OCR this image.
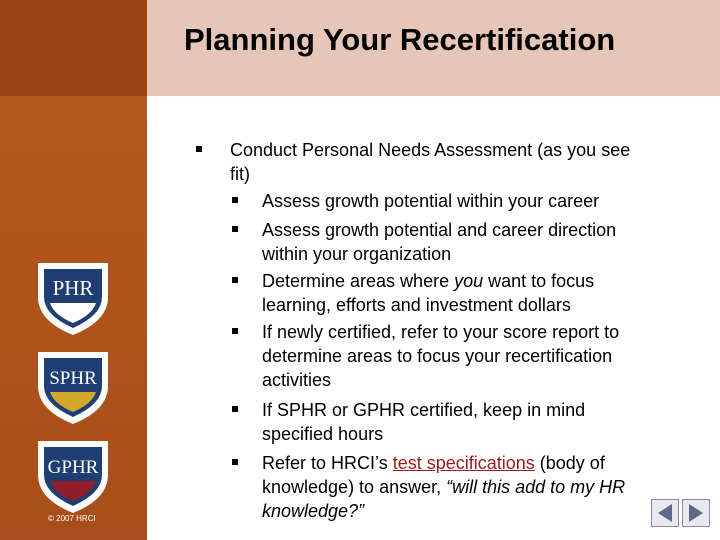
Planning Your Recertification
PHR
SPHR
GPHR
© 2007 HRCI
Conduct Personal Needs Assessment (as you see
fit)
Assess growth potential within your career
Assess growth potential and career direction
within your organization
Determine areas where you want to focus
learning, efforts and investment dollars
If newly certified, refer to your score report to
determine areas to focus your recertification
activities
If SPHR or GPHR certified, keep in mind
specified hours
Refer to HRCI’s test specifications (body of
knowledge) to answer, “will this add to my HR
knowledge?”
